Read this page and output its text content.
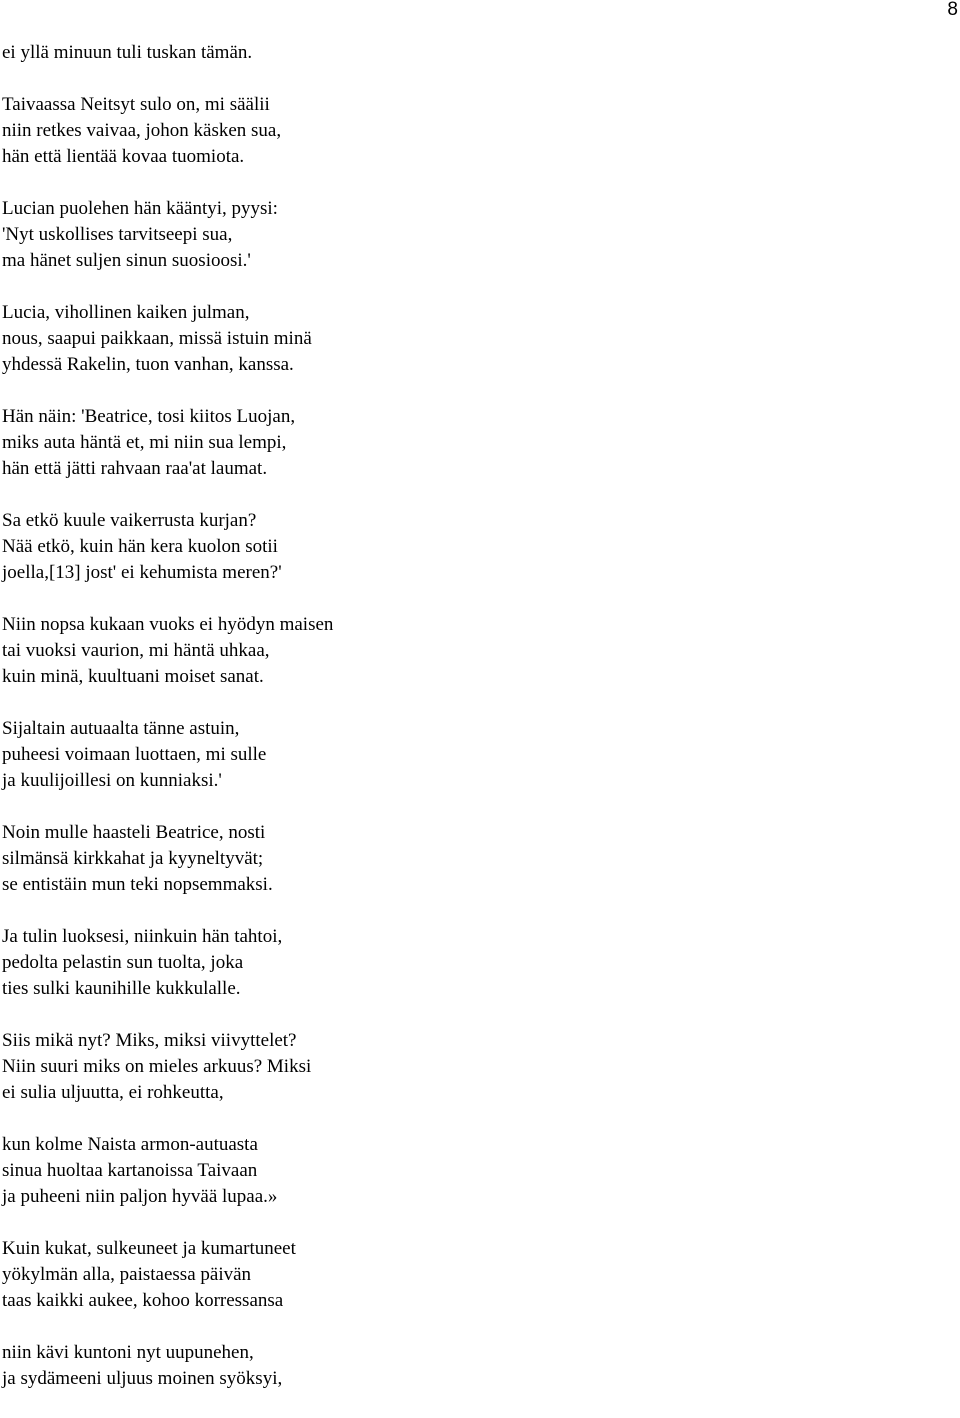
8
ei yllä minuun tuli tuskan tämän.
Taivaassa Neitsyt sulo on, mi säälii
niin retkes vaivaa, johon käsken sua,
hän että lientää kovaa tuomiota.
Lucian puolehen hän kääntyi, pyysi:
'Nyt uskollises tarvitseepi sua,
ma hänet suljen sinun suosioosi.'
Lucia, vihollinen kaiken julman,
nous, saapui paikkaan, missä istuin minä
yhdessä Rakelin, tuon vanhan, kanssa.
Hän näin: 'Beatrice, tosi kiitos Luojan,
miks auta häntä et, mi niin sua lempi,
hän että jätti rahvaan raa'at laumat.
Sa etkö kuule vaikerrusta kurjan?
Nää etkö, kuin hän kera kuolon sotii
joella,[13] jost' ei kehumista meren?'
Niin nopsa kukaan vuoks ei hyödyn maisen
tai vuoksi vaurion, mi häntä uhkaa,
kuin minä, kuultuani moiset sanat.
Sijaltain autuaalta tänne astuin,
puheesi voimaan luottaen, mi sulle
ja kuulijoillesi on kunniaksi.'
Noin mulle haasteli Beatrice, nosti
silmänsä kirkkahat ja kyyneltyvät;
se entistäin mun teki nopsemmaksi.
Ja tulin luoksesi, niinkuin hän tahtoi,
pedolta pelastin sun tuolta, joka
ties sulki kaunihille kukkulalle.
Siis mikä nyt? Miks, miksi viivyttelet?
Niin suuri miks on mieles arkuus? Miksi
ei sulia uljuutta, ei rohkeutta,
kun kolme Naista armon-autuasta
sinua huoltaa kartanoissa Taivaan
ja puheeni niin paljon hyvää lupaa.»
Kuin kukat, sulkeuneet ja kumartuneet
yökylmän alla, paistaessa päivän
taas kaikki aukee, kohoo korressansa
niin kävi kuntoni nyt uupunehen,
ja sydämeeni uljuus moinen syöksyi,
